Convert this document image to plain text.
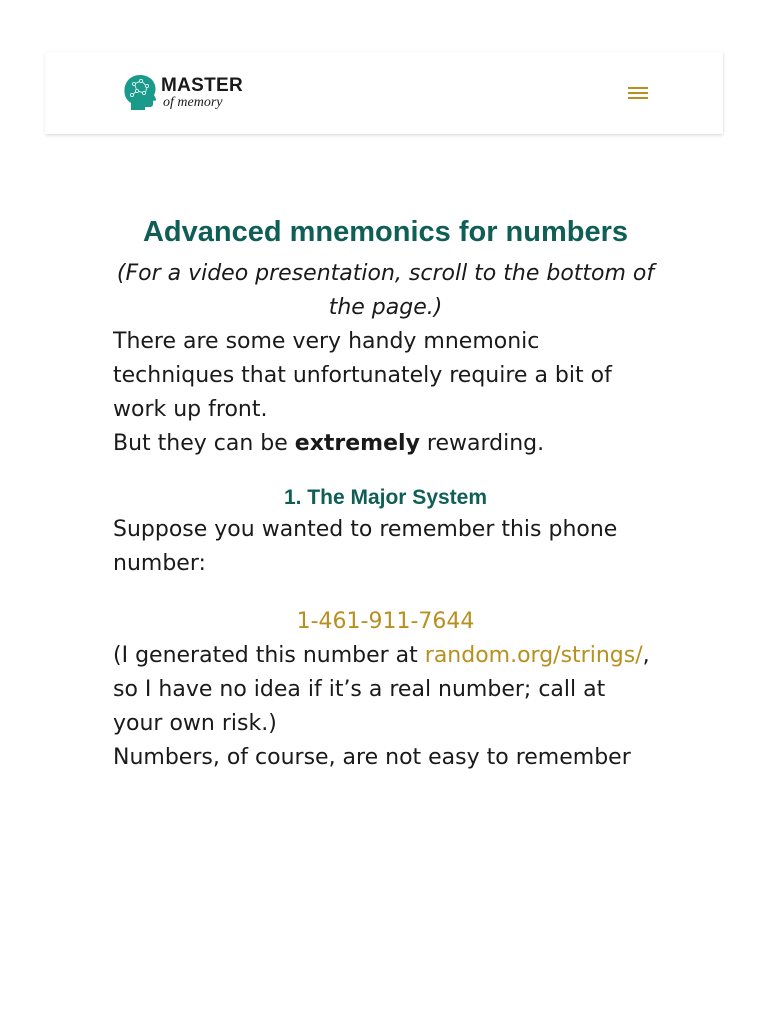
MASTER
of memory
Advanced mnemonics for numbers

(For a video presentation, scroll to the bottom of the page.)

There are some very handy mnemonic techniques that unfortunately require a bit of work up front.

But they can be extremely rewarding.

1. The Major System

Suppose you wanted to remember this phone number:

1-461-911-7644

(I generated this number at random.org/strings/, so I have no idea if it’s a real number; call at your own risk.)

Numbers, of course, are not easy to remember
